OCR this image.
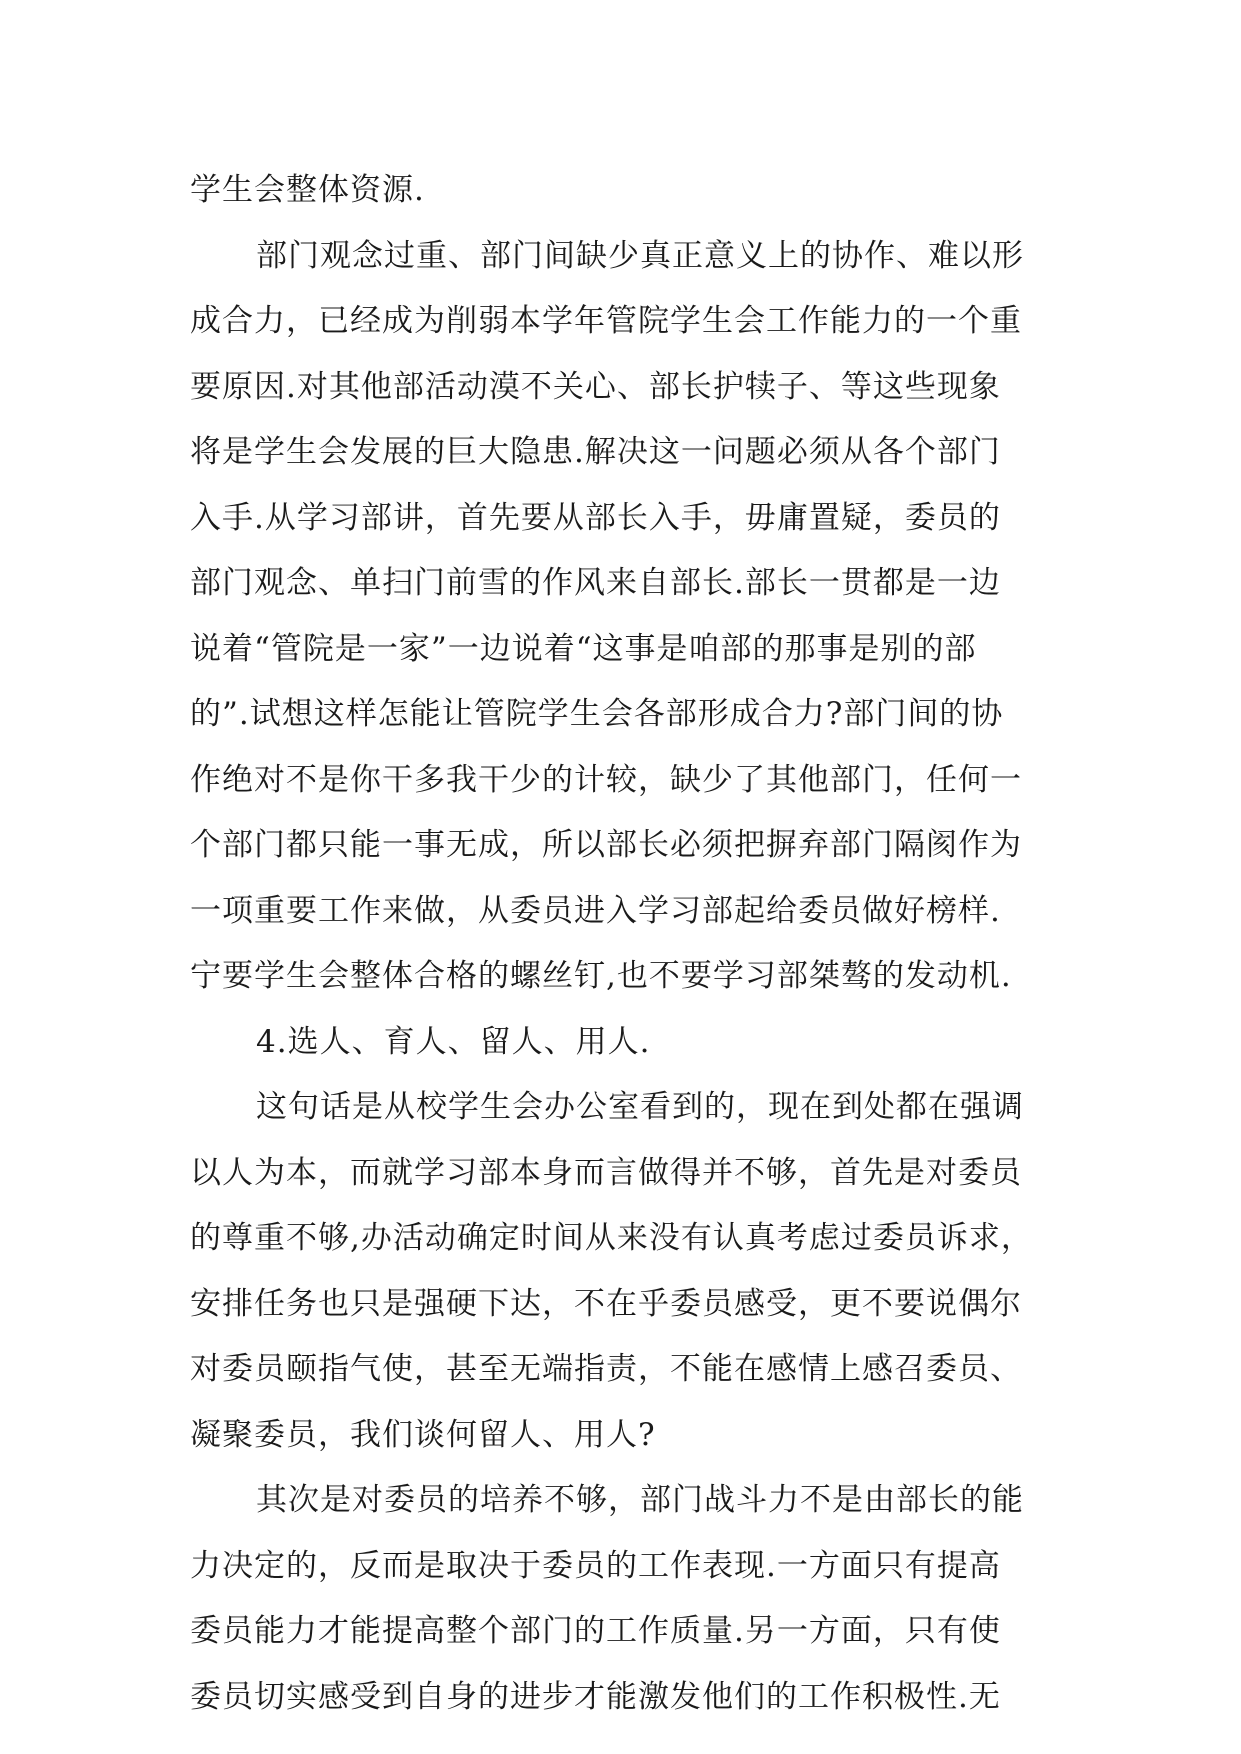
学生会整体资源.
部门观念过重、部门间缺少真正意义上的协作、难以形
成合力，已经成为削弱本学年管院学生会工作能力的一个重
要原因.对其他部活动漠不关心、部长护犊子、等这些现象
将是学生会发展的巨大隐患.解决这一问题必须从各个部门
入手.从学习部讲，首先要从部长入手，毋庸置疑，委员的
部门观念、单扫门前雪的作风来自部长.部长一贯都是一边
说着“管院是一家”一边说着“这事是咱部的那事是别的部
的”.试想这样怎能让管院学生会各部形成合力?部门间的协
作绝对不是你干多我干少的计较，缺少了其他部门，任何一
个部门都只能一事无成，所以部长必须把摒弃部门隔阂作为
一项重要工作来做，从委员进入学习部起给委员做好榜样.
宁要学生会整体合格的螺丝钉,也不要学习部桀骜的发动机.
4.选人、育人、留人、用人.
这句话是从校学生会办公室看到的，现在到处都在强调
以人为本，而就学习部本身而言做得并不够，首先是对委员
的尊重不够,办活动确定时间从来没有认真考虑过委员诉求，
安排任务也只是强硬下达，不在乎委员感受，更不要说偶尔
对委员颐指气使，甚至无端指责，不能在感情上感召委员、
凝聚委员，我们谈何留人、用人?
其次是对委员的培养不够，部门战斗力不是由部长的能
力决定的，反而是取决于委员的工作表现.一方面只有提高
委员能力才能提高整个部门的工作质量.另一方面，只有使
委员切实感受到自身的进步才能激发他们的工作积极性.无
